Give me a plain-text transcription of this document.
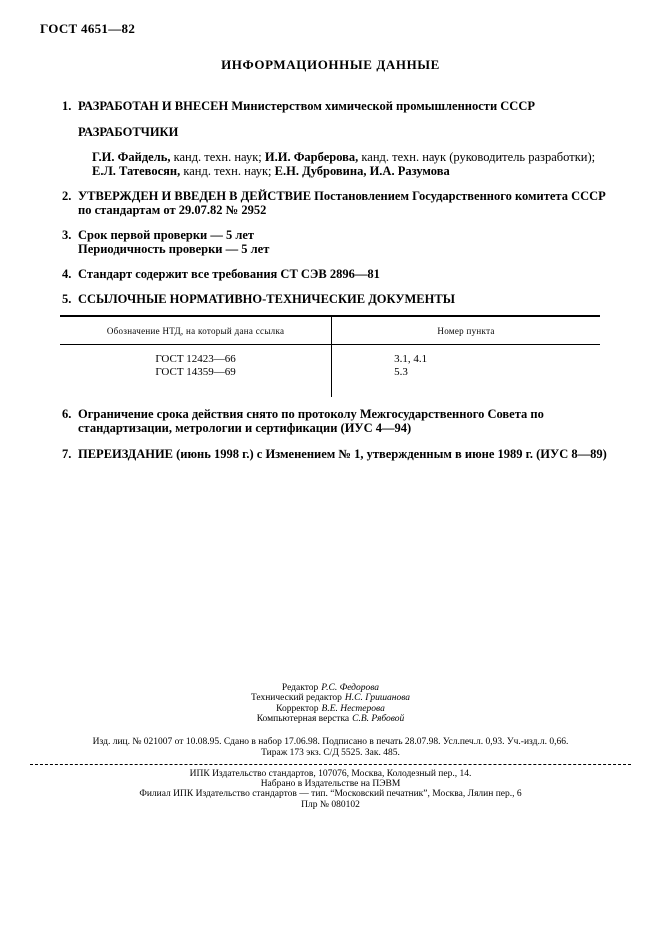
ГОСТ 4651—82
ИНФОРМАЦИОННЫЕ ДАННЫЕ
1. РАЗРАБОТАН И ВНЕСЕН Министерством химической промышленности СССР
РАЗРАБОТЧИКИ
Г.И. Файдель, канд. техн. наук; И.И. Фарберова, канд. техн. наук (руководитель разработки); Е.Л. Татевосян, канд. техн. наук; Е.Н. Дубровина, И.А. Разумова
2. УТВЕРЖДЕН И ВВЕДЕН В ДЕЙСТВИЕ Постановлением Государственного комитета СССР по стандартам от 29.07.82 № 2952
3. Срок первой проверки — 5 лет
Периодичность проверки — 5 лет
4. Стандарт содержит все требования СТ СЭВ 2896—81
5. ССЫЛОЧНЫЕ НОРМАТИВНО-ТЕХНИЧЕСКИЕ ДОКУМЕНТЫ
Обозначение НТД, на который дана ссылка	Номер пункта
ГОСТ 12423—66
ГОСТ 14359—69
3.1, 4.1
5.3
6. Ограничение срока действия снято по протоколу Межгосударственного Совета по стандартизации, метрологии и сертификации (ИУС 4—94)
7. ПЕРЕИЗДАНИЕ (июнь 1998 г.) с Изменением № 1, утвержденным в июне 1989 г. (ИУС 8—89)
Редактор Р.С. Федорова
Технический редактор Н.С. Гришанова
Корректор В.Е. Нестерова
Компьютерная верстка С.В. Рябовой
Изд. лиц. № 021007 от 10.08.95. Сдано в набор 17.06.98. Подписано в печать 28.07.98. Усл.печ.л. 0,93. Уч.-изд.л. 0,66.
Тираж 173 экз. С/Д 5525. Зак. 485.
ИПК Издательство стандартов, 107076, Москва, Колодезный пер., 14.
Набрано в Издательстве на ПЭВМ
Филиал ИПК Издательство стандартов — тип. “Московский печатник”, Москва, Лялин пер., 6
Плр № 080102
